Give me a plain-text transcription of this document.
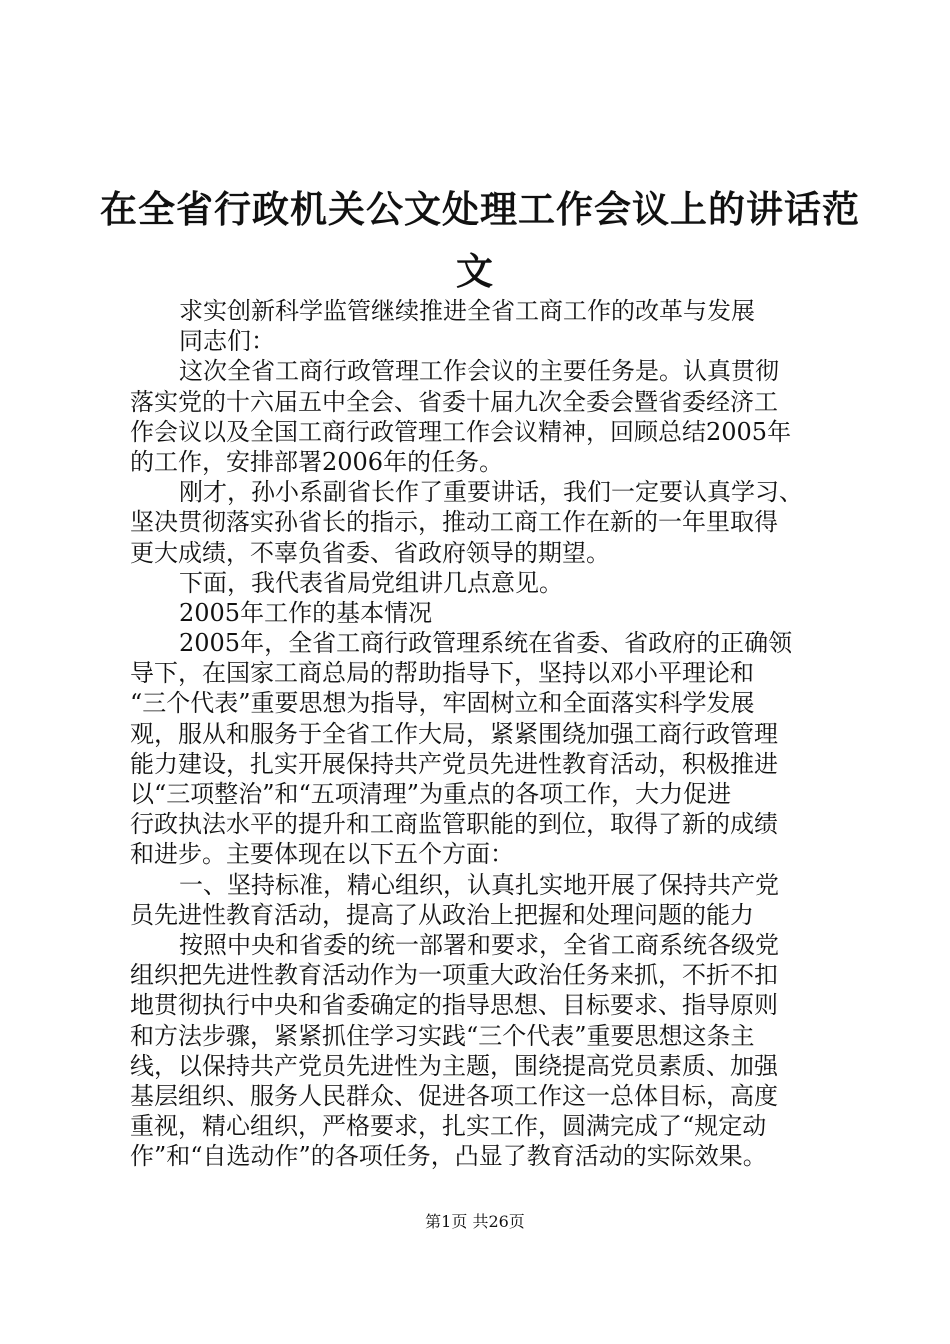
在全省行政机关公文处理工作会议上的讲话范
文
求实创新科学监管继续推进全省工商工作的改革与发展
同志们：
这次全省工商行政管理工作会议的主要任务是。认真贯彻
落实党的十六届五中全会、省委十届九次全委会暨省委经济工
作会议以及全国工商行政管理工作会议精神，回顾总结2005年
的工作，安排部署2006年的任务。
刚才，孙小系副省长作了重要讲话，我们一定要认真学习、
坚决贯彻落实孙省长的指示，推动工商工作在新的一年里取得
更大成绩，不辜负省委、省政府领导的期望。
下面，我代表省局党组讲几点意见。
2005年工作的基本情况
2005年，全省工商行政管理系统在省委、省政府的正确领
导下，在国家工商总局的帮助指导下，坚持以邓小平理论和
“三个代表”重要思想为指导，牢固树立和全面落实科学发展
观，服从和服务于全省工作大局，紧紧围绕加强工商行政管理
能力建设，扎实开展保持共产党员先进性教育活动，积极推进
以“三项整治”和“五项清理”为重点的各项工作，大力促进
行政执法水平的提升和工商监管职能的到位，取得了新的成绩
和进步。主要体现在以下五个方面：
一、坚持标准，精心组织，认真扎实地开展了保持共产党
员先进性教育活动，提高了从政治上把握和处理问题的能力
按照中央和省委的统一部署和要求，全省工商系统各级党
组织把先进性教育活动作为一项重大政治任务来抓，不折不扣
地贯彻执行中央和省委确定的指导思想、目标要求、指导原则
和方法步骤，紧紧抓住学习实践“三个代表”重要思想这条主
线，以保持共产党员先进性为主题，围绕提高党员素质、加强
基层组织、服务人民群众、促进各项工作这一总体目标，高度
重视，精心组织，严格要求，扎实工作，圆满完成了“规定动
作”和“自选动作”的各项任务，凸显了教育活动的实际效果。
第1页 共26页
